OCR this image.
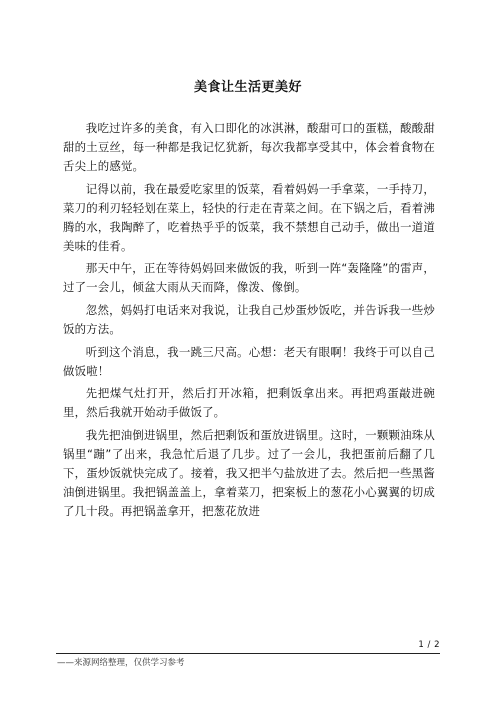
美食让生活更美好

我吃过许多的美食，有入口即化的冰淇淋，酸甜可口的蛋糕，酸酸甜甜的土豆丝，每一种都是我记忆犹新，每次我都享受其中，体会着食物在舌尖上的感觉。

记得以前，我在最爱吃家里的饭菜，看着妈妈一手拿菜，一手持刀，菜刀的利刃轻轻划在菜上，轻快的行走在青菜之间。在下锅之后，看着沸腾的水，我陶醉了，吃着热乎乎的饭菜，我不禁想自己动手，做出一道道美味的佳肴。

那天中午，正在等待妈妈回来做饭的我，听到一阵“轰隆隆”的雷声，过了一会儿，倾盆大雨从天而降，像泼、像倒。

忽然，妈妈打电话来对我说，让我自己炒蛋炒饭吃，并告诉我一些炒饭的方法。

听到这个消息，我一跳三尺高。心想：老天有眼啊！我终于可以自己做饭啦！

先把煤气灶打开，然后打开冰箱，把剩饭拿出来。再把鸡蛋敲进碗里，然后我就开始动手做饭了。

我先把油倒进锅里，然后把剩饭和蛋放进锅里。这时，一颗颗油珠从锅里“蹦”了出来，我急忙后退了几步。过了一会儿，我把蛋前后翻了几下，蛋炒饭就快完成了。接着，我又把半勺盐放进了去。然后把一些黑酱油倒进锅里。我把锅盖盖上，拿着菜刀，把案板上的葱花小心翼翼的切成了几十段。再把锅盖拿开，把葱花放进

1 / 2
——来源网络整理，仅供学习参考
